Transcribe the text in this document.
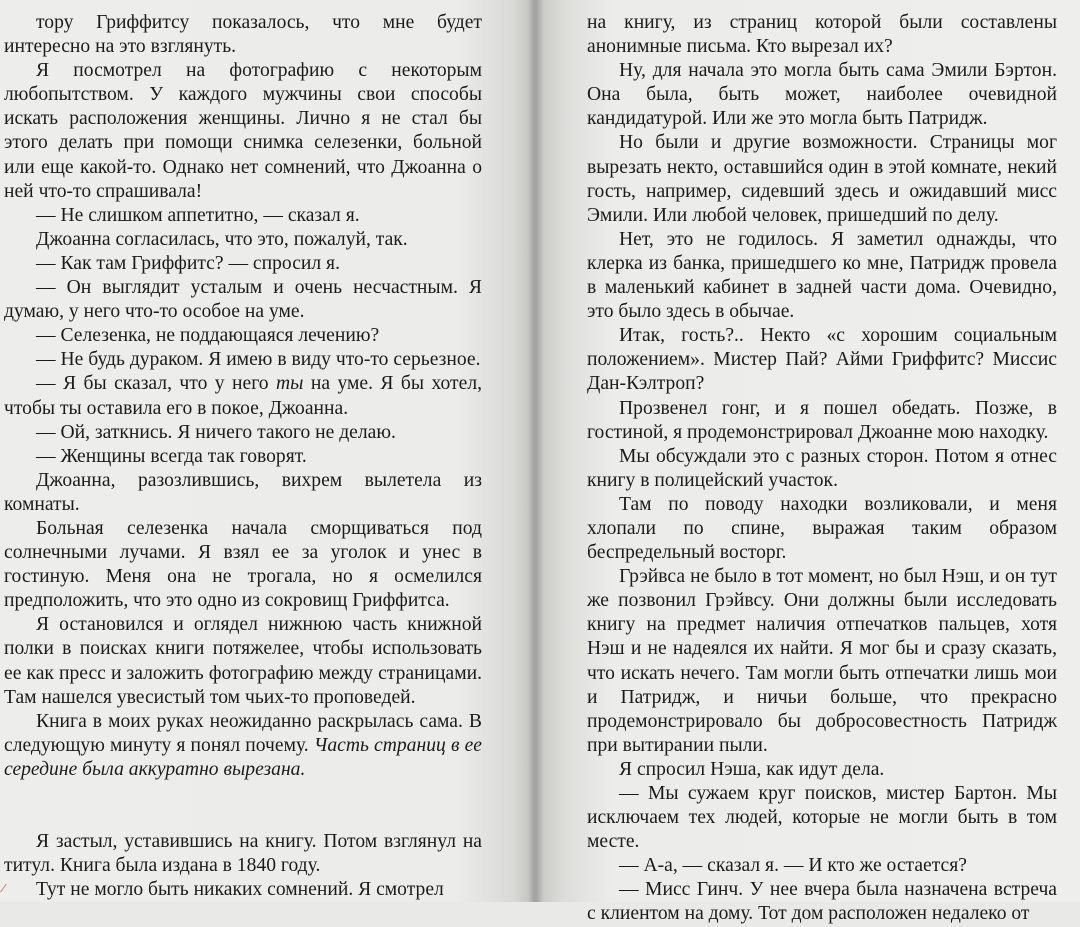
тору Гриффитсу показалось, что мне будет интересно на это взглянуть.

Я посмотрел на фотографию с некоторым любопытством. У каждого мужчины свои способы искать расположения женщины. Лично я не стал бы этого делать при помощи снимка селезенки, больной или еще какой-то. Однако нет сомнений, что Джоанна о ней что-то спрашивала!

— Не слишком аппетитно, — сказал я.

Джоанна согласилась, что это, пожалуй, так.

— Как там Гриффитс? — спросил я.

— Он выглядит усталым и очень несчастным. Я думаю, у него что-то особое на уме.

— Селезенка, не поддающаяся лечению?

— Не будь дураком. Я имею в виду что-то серьезное.

— Я бы сказал, что у него ты на уме. Я бы хотел, чтобы ты оставила его в покое, Джоанна.

— Ой, заткнись. Я ничего такого не делаю.

— Женщины всегда так говорят.

Джоанна, разозлившись, вихрем вылетела из комнаты.

Больная селезенка начала сморщиваться под солнечными лучами. Я взял ее за уголок и унес в гостиную. Меня она не трогала, но я осмелился предположить, что это одно из сокровищ Гриффитса.

Я остановился и оглядел нижнюю часть книжной полки в поисках книги потяжелее, чтобы использовать ее как пресс и заложить фотографию между страницами. Там нашелся увесистый том чьих-то проповедей.

Книга в моих руках неожиданно раскрылась сама. В следующую минуту я понял почему. Часть страниц в ее середине была аккуратно вырезана.

Я застыл, уставившись на книгу. Потом взглянул на титул. Книга была издана в 1840 году.

Тут не могло быть никаких сомнений. Я смотрел

на книгу, из страниц которой были составлены анонимные письма. Кто вырезал их?

Ну, для начала это могла быть сама Эмили Бэртон. Она была, быть может, наиболее очевидной кандидатурой. Или же это могла быть Патридж.

Но были и другие возможности. Страницы мог вырезать некто, оставшийся один в этой комнате, некий гость, например, сидевший здесь и ожидавший мисс Эмили. Или любой человек, пришедший по делу.

Нет, это не годилось. Я заметил однажды, что клерка из банка, пришедшего ко мне, Патридж провела в маленький кабинет в задней части дома. Очевидно, это было здесь в обычае.

Итак, гость?.. Некто «с хорошим социальным положением». Мистер Пай? Айми Гриффитс? Миссис Дан-Кэлтроп?

Прозвенел гонг, и я пошел обедать. Позже, в гостиной, я продемонстрировал Джоанне мою находку.

Мы обсуждали это с разных сторон. Потом я отнес книгу в полицейский участок.

Там по поводу находки возликовали, и меня хлопали по спине, выражая таким образом беспредельный восторг.

Грэйвса не было в тот момент, но был Нэш, и он тут же позвонил Грэйвсу. Они должны были исследовать книгу на предмет наличия отпечатков пальцев, хотя Нэш и не надеялся их найти. Я мог бы и сразу сказать, что искать нечего. Там могли быть отпечатки лишь мои и Патридж, и ничьи больше, что прекрасно продемонстрировало бы добросовестность Патридж при вытирании пыли.

Я спросил Нэша, как идут дела.

— Мы сужаем круг поисков, мистер Бартон. Мы исключаем тех людей, которые не могли быть в том месте.

— А-а, — сказал я. — И кто же остается?

— Мисс Гинч. У нее вчера была назначена встреча с клиентом на дому. Тот дом расположен недалеко от
